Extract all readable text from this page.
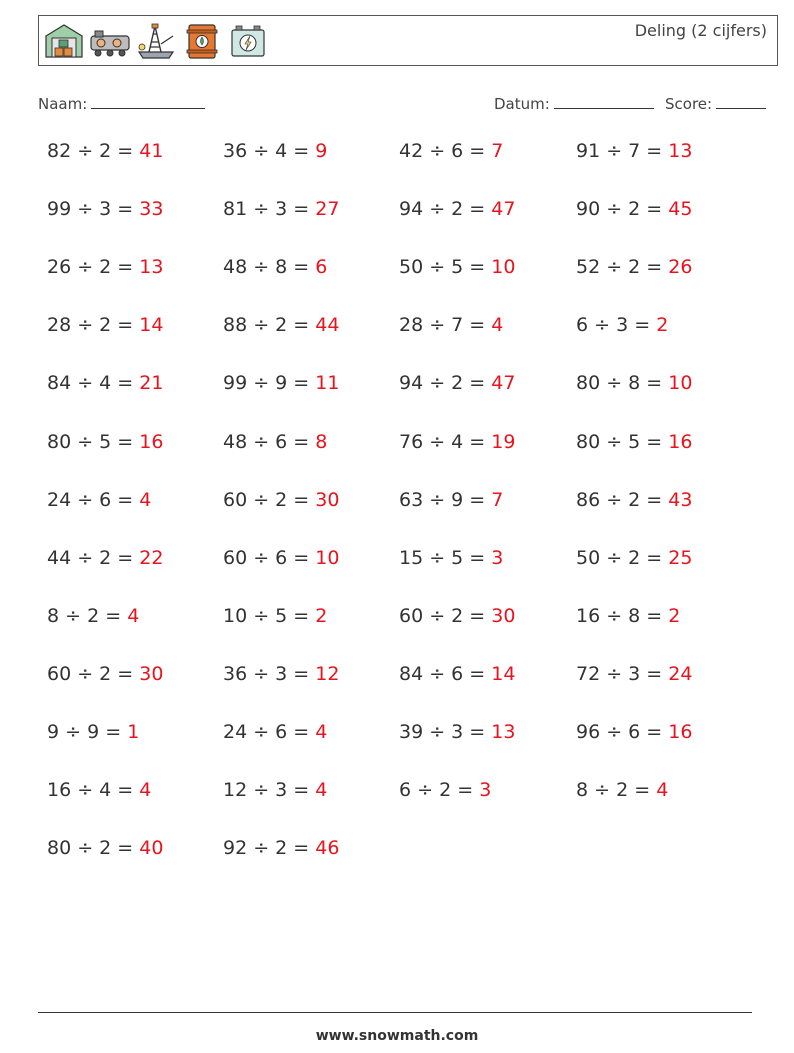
Deling (2 cijfers)
Naam:	Datum:	Score:
82 ÷ 2 = 41	36 ÷ 4 = 9	42 ÷ 6 = 7	91 ÷ 7 = 13
99 ÷ 3 = 33	81 ÷ 3 = 27	94 ÷ 2 = 47	90 ÷ 2 = 45
26 ÷ 2 = 13	48 ÷ 8 = 6	50 ÷ 5 = 10	52 ÷ 2 = 26
28 ÷ 2 = 14	88 ÷ 2 = 44	28 ÷ 7 = 4	6 ÷ 3 = 2
84 ÷ 4 = 21	99 ÷ 9 = 11	94 ÷ 2 = 47	80 ÷ 8 = 10
80 ÷ 5 = 16	48 ÷ 6 = 8	76 ÷ 4 = 19	80 ÷ 5 = 16
24 ÷ 6 = 4	60 ÷ 2 = 30	63 ÷ 9 = 7	86 ÷ 2 = 43
44 ÷ 2 = 22	60 ÷ 6 = 10	15 ÷ 5 = 3	50 ÷ 2 = 25
8 ÷ 2 = 4	10 ÷ 5 = 2	60 ÷ 2 = 30	16 ÷ 8 = 2
60 ÷ 2 = 30	36 ÷ 3 = 12	84 ÷ 6 = 14	72 ÷ 3 = 24
9 ÷ 9 = 1	24 ÷ 6 = 4	39 ÷ 3 = 13	96 ÷ 6 = 16
16 ÷ 4 = 4	12 ÷ 3 = 4	6 ÷ 2 = 3	8 ÷ 2 = 4
80 ÷ 2 = 40	92 ÷ 2 = 46
www.snowmath.com
